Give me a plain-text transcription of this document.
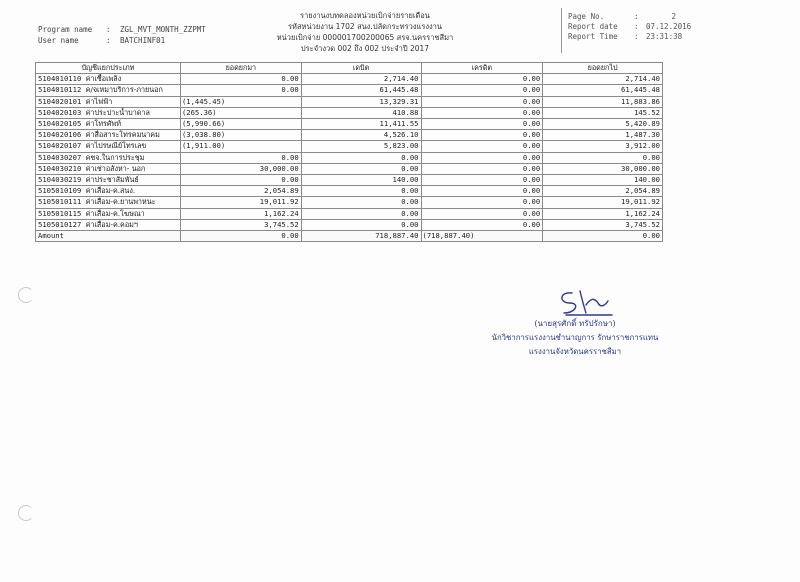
Program name	:	ZGL_MVT_MONTH_ZZPMT
User name	:	BATCHINF01
รายงานงบทดลองหน่วยเบิกจ่ายรายเดือน
รหัสหน่วยงาน 1702 สนง.ปลัดกระทรวงแรงงาน
หน่วยเบิกจ่าย 000001700200065 สรจ.นครราชสีมา
ประจำงวด 002 ถึง 002 ประจำปี 2017
Page No.	:	2
Report date	: 07.12.2016
Report Time	: 23:31:38
บัญชีแยกประเภท	ยอดยกมา	เดบิต	เครดิต	ยอดยกไป
5104010110 ค่าเชื้อเพลิง	0.00	2,714.40	0.00	2,714.40
5104010112 ค/จเหมาบริการ-ภายนอก	0.00	61,445.48	0.00	61,445.48
5104020101 ค่าไฟฟ้า	(1,445.45)	13,329.31	0.00	11,883.86
5104020103 ค่าประปาะน้ำบาดาล	(265.36)	410.88	0.00	145.52
5104020105 ค่าโทรศัพท์	(5,990.66)	11,411.55	0.00	5,420.89
5104020106 ค่าสื่อสาระโทรคมนาคม	(3,038.80)	4,526.10	0.00	1,487.30
5104020107 ค่าไปรษณีย์โทรเลข	(1,911.00)	5,823.00	0.00	3,912.00
5104030207 คชจ.ในการประชุม	0.00	0.00	0.00	0.00
5104030210 ค่าเช่าอสังหา- นอก	30,000.00	0.00	0.00	30,000.00
5104030219 ค่าประชาสัมพันธ์	0.00	140.00	0.00	140.00
5105010109 ค่าเสื่อม-ค.สนง.	2,054.89	0.00	0.00	2,054.89
5105010111 ค่าเสื่อม-ค.ยานพาหนะ	19,011.92	0.00	0.00	19,011.92
5105010115 ค่าเสื่อม-ค.โฆษณา	1,162.24	0.00	0.00	1,162.24
5105010127 ค่าเสื่อม-ค.คอมฯ	3,745.52	0.00	0.00	3,745.52
Amount	0.00	718,887.40	(718,887.40)	0.00
(นายสุรศักดิ์ ทรัปรักษา)
นักวิชาการแรงงานชำนาญการ รักษาราชการแทน
แรงงานจังหวัดนครราชสีมา
